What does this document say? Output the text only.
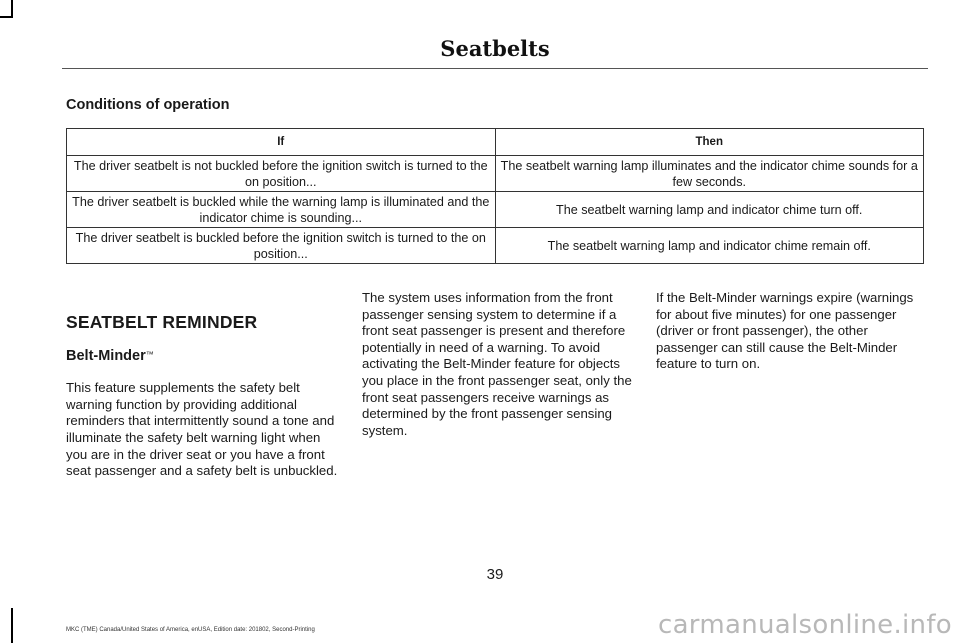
Seatbelts
Conditions of operation
If	Then
The driver seatbelt is not buckled before the ignition switch is turned to the on position...	The seatbelt warning lamp illuminates and the indicator chime sounds for a few seconds.
The driver seatbelt is buckled while the warning lamp is illuminated and the indicator chime is sounding...	The seatbelt warning lamp and indicator chime turn off.
The driver seatbelt is buckled before the ignition switch is turned to the on position...	The seatbelt warning lamp and indicator chime remain off.

SEATBELT REMINDER

Belt-Minder™

This feature supplements the safety belt warning function by providing additional reminders that intermittently sound a tone and illuminate the safety belt warning light when you are in the driver seat or you have a front seat passenger and a safety belt is unbuckled.

The system uses information from the front passenger sensing system to determine if a front seat passenger is present and therefore potentially in need of a warning. To avoid activating the Belt-Minder feature for objects you place in the front passenger seat, only the front seat passengers receive warnings as determined by the front passenger sensing system.

If the Belt-Minder warnings expire (warnings for about five minutes) for one passenger (driver or front passenger), the other passenger can still cause the Belt-Minder feature to turn on.

39
MKC (TME) Canada/United States of America, enUSA, Edition date: 201802, Second-Printing	carmanualsonline.info
